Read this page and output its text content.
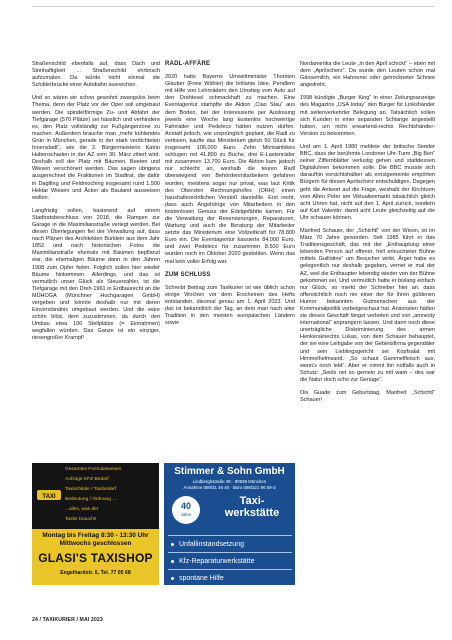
Straßenschild ebenfalls auf, dass Dach und Sinnhaftigkeit ... Straßenschild ehrbrisch aufzumalen. Da würde nicht einmal die Schilderbrücke einer Autobahn ausreichen.

Und so wären wir schon gewohnt zwangslos beim Thema, denn der Platz vor der Oper soll umgebaut werden. Die spindelförmige Zu- und Abfahrt der Tiefgarage (570 Plätze) sei hässlich und verhindere es, den Platz vollständig zur Fußgängerzone zu machen. Außerdem brauche man „mehr kühlendes Grün in München, gerade in der stark verdichteten Innenstadt“, wie die 2. Bürgermeisterin Katrin Habenschaden in der AZ vom 30. März zitiert wird. Deshalb soll der Platz mit Bäumen, Beeten und Wiesen verschönert werden. Das sagen übrigens ausgerechnet die Fraktionen im Stadtrat, die dafür in Daglfing und Feldmoching insgesamt rund 1.500 Hektar Wiesen und Äcker als Bauland ausweisen wollen.

Langfristig sollen, basierend auf einem Stadtratsbeschluss von 2018, die Rampen zur Garage in die Maximilianstraße verlegt werden. Bei diesen Überlegungen fiel der Verwaltung auf, dass nach Plänen des Architekten Bürklein aus dem Jahr 1852 und nach historischen Fotos die Maximilianstraße ehemals mit Bäumen bepflanzt war, die ehemaligen Bäume dann in den Jahren 1908 zum Opfer fielen. Folglich sollen hier wieder Bäume hinkommen. Allerdings, und das ist vermutlich unser Glück als Steuerzahler, ist die Tiefgarage mit den Dreh-1961 in Erdbaurecht an die MÜHOGA (Münchner Hochgaragen GmbH) vergeben und könnte deshalb nur mit deren Einverständnis umgebaut werden. Und die wäre schön blöd, dem zuzustimmen, da durch den Umbau etwa 100 Stellplätze (= Einnahmen) wegfallen würden. Das Ganze ist ein einziger, riesengroßer Krampf!

RADL-AFFÄRE

2020 hatte Bayerns Umweltminister Thorsten Glauber (Freie Wähler) die brillante Idee, Pendlern mit Hilfe von Lehnrädern den Umstieg vom Auto auf den Drahtesel schmackhaft zu machen. Eine Eventagentur stampfte die Aktion „Ciao Stau“ aus dem Boden, bei der Interessierte per Auslosung jeweils eine Woche lang kostenlos hochwertige Fahrräder und Pedelecs hätten nutzen dürfen. Anstatt jedoch, wie ursprünglich geplant, die Radl zu verlosen, kaufte das Ministerium gleich 50 Stück für insgesamt 106.000 Euro. Zehn Montainbikes schlugen mit 41.800 zu Buche, drei E-Lastenräder mit zusammen 13.700 Euro. Die Aktion kam jedoch nur schlecht an, weshalb die teuren Radl überwiegend von Behördenmitarbeitern gefahren wurden, meistens sogar nur privat, was laut Kritik des Obersten Rechnungshofes (ORH) einen haushaltsrechtlichen Verstoß darstellte. Erst recht, dass auch Angehörige von Mitarbeitern in den kostenlosen Genuss der Edelgefährte kamen. Für die Verwaltung der Reservierungen, Reparaturen, Wartung und auch die Beratung der Mitarbeiter setzte das Ministerium eine Vollzeitkraft für 78.800 Euro ein. Die Eventagentur kassierte 84.000 Euro, und zwei Pedelecs für zusammen 8.500 Euro wurden noch im Oktober 2020 gestohlen. Wenn das mal kein voller Erfolg war.

ZUM SCHLUSS

Schreibt Beitrag zum Taxikurier ist wie üblich schon einige Wochen vor dem Erscheinen des Hefts entstanden, diesmal genau am 1. April 2023. Und das ist bekanntlich der Tag, an dem man nach alter Tradition in den meisten europäischen Ländern sowie

Nordamerika die Leute „in den April schickt“ – eben mit dem „Aprilscherz“. Da wurde den Leuten schon mal Gänsemilch, ein Hahnenei oder getrockneter Schnee angedreht.

1998 kündigte „Burger King“ in einer Zeitungsanzeige des Magazins „USA today“ den Burger für Linkshänder mit seitenverkehrter Belegung an. Tatsächlich sollen sich Kunden in einer separaten Schlange angestellt haben, um nicht erwartend-rechts Rechtshänder-Version zu bekommen.

Und am 1. April 1980 meldete der britische Sender BBC, dass der berühmte Londoner Uhr-Turm „Big Ben“ seiner Ziffernblätter verlustig gehen und stattdessen Digitaluhren bekommen solle. Die BBC musste sich daraufhin vorsichtshalber als ernstgemeinte empörten Bürgern für diesen Aprilscherz entschuldigen. Dagegen geht die Antwort auf die Frage, weshalb der Kirchturm vom Alten Peter am Viktualienmarkt tatsächlich gleich acht Uhren hat, nicht auf den 1. April zurück, sondern auf Karl Valentin: damit acht Leute gleichzeitig auf die Uhr schauen können.

Manfred Schauer, der „Schichtl“ von der Wiesn, ist im März 70 Jahre geworden. Seit 1985 führt er das Traditionsgeschäft, das mit der „Enthauptung einer lebenden Person auf offener, hell erleuchteter Bühne mittels Guillotine“ um Besucher wirbt. Ärger habe es gelegentlich nur deshalb gegeben, verriet er mal der AZ, weil die Enthaupter lebendig wieder von der Bühne gekommen sei. Und vermutlich hatte er bislang einfach nur Glück, so merkt der Schreiber hier an, dass offensichtlich noch nie einer der für ihren güldenen Humor bekannten Gutmenschen aus der Kommunalpolitik vorbeigeschaut hat. Ansonsten hätten sie dieses Geschäft längst verboten und von „amnesty international“ anprangern lassen. Und dann noch diese unerträgliche Diskriminierung des armen Henkersknechts Lukas, von dem Schauer behauptet, der sei eine Leihgabe von der Gebietsfirma gegendäler und sein Lieblingsgericht sei Kopfsalat mit Himmelhelmsand. „So schaut Gammelfleisch aus, wenn's noch lebt“. Aber er nimmt ihn notfalls auch in Schutz: „Seids net so gemein zu mit wam – des war die Natur doch scho zur Genüge“.

Ois Guade zum Geburtstag, Manfred „Schichtl“ Schauer!

TAXI
Gesamtes Formularwesen
Aufzüge KFZ-Bedarf
Taxischilder / Taxibedarf
Bedeutung / Ordnung ...
...alles, was der
Taxler braucht!
Montag bis Freitag 8:30 - 13:30 Uhr
Mittwochs geschlossen
GLASI'S TAXISHOP
Engelhardstr. 6, Tel. 77 05 68
Stimmer & Sohn GmbH
Lindberghstraße 36 · 80939 München
Annahme 089/31 46 40 · Büro 089/321 96 59-3
40
Jahre
Taxi-
werkstätte
Unfallinstandsetzung
Kfz-Reparaturwerkstätte
spontane Hilfe
24 / TAXIKURIER / MAI 2023
